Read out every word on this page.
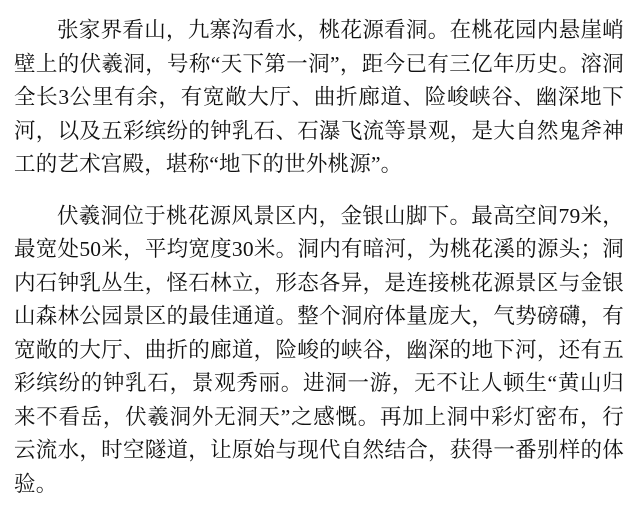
张家界看山，九寨沟看水，桃花源看洞。在桃花园内悬崖峭壁上的伏羲洞，号称“天下第一洞”，距今已有三亿年历史。溶洞全长3公里有余，有宽敞大厅、曲折廊道、险峻峡谷、幽深地下河，以及五彩缤纷的钟乳石、石瀑飞流等景观，是大自然鬼斧神工的艺术宫殿，堪称“地下的世外桃源”。

伏羲洞位于桃花源风景区内，金银山脚下。最高空间79米，最宽处50米，平均宽度30米。洞内有暗河，为桃花溪的源头；洞内石钟乳丛生，怪石林立，形态各异，是连接桃花源景区与金银山森林公园景区的最佳通道。整个洞府体量庞大，气势磅礴，有宽敞的大厅、曲折的廊道，险峻的峡谷，幽深的地下河，还有五彩缤纷的钟乳石，景观秀丽。进洞一游，无不让人顿生“黄山归来不看岳，伏羲洞外无洞天”之感慨。再加上洞中彩灯密布，行云流水，时空隧道，让原始与现代自然结合，获得一番别样的体验。
